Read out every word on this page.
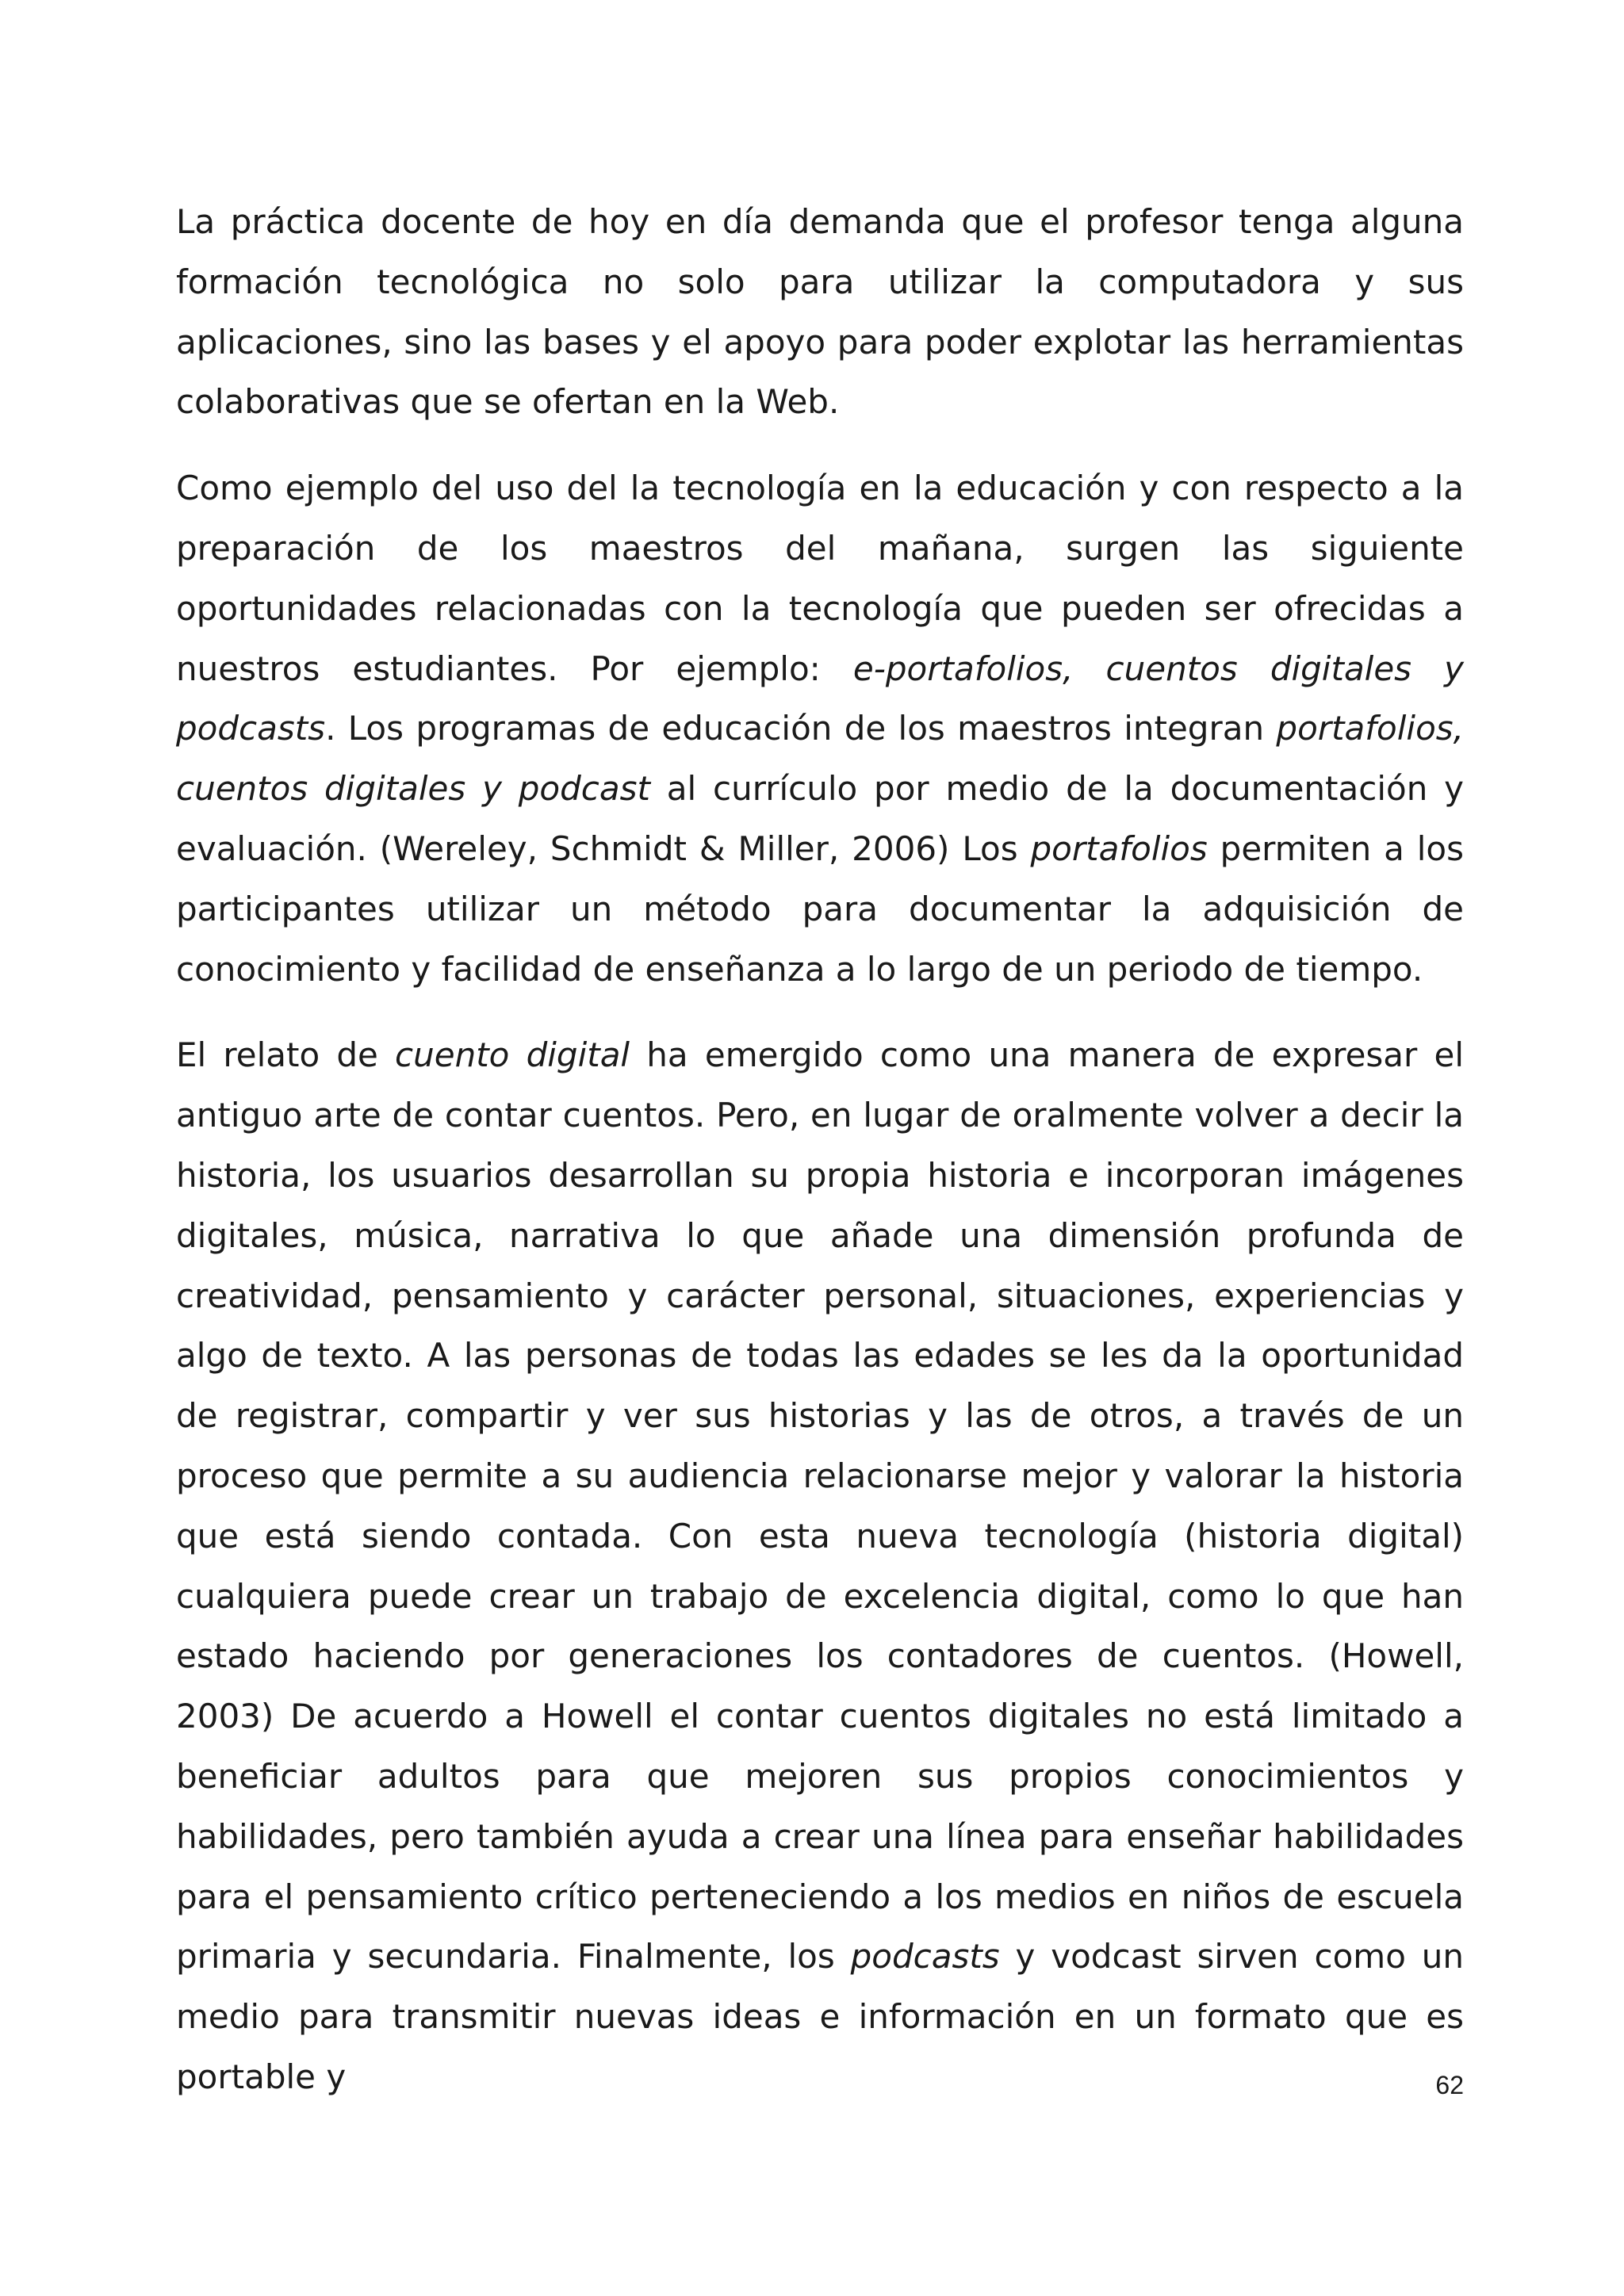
La práctica docente de hoy en día demanda que el profesor tenga alguna formación tecnológica no solo para utilizar la computadora y sus aplicaciones, sino las bases y el apoyo para poder explotar las herramientas colaborativas que se ofertan en la Web.

Como ejemplo del uso del la tecnología en la educación y con respecto a la preparación de los maestros del mañana, surgen las siguiente oportunidades relacionadas con la tecnología que pueden ser ofrecidas a nuestros estudiantes. Por ejemplo: e-portafolios, cuentos digitales y podcasts. Los programas de educación de los maestros integran portafolios, cuentos digitales y podcast al currículo por medio de la documentación y evaluación. (Wereley, Schmidt & Miller, 2006) Los portafolios permiten a los participantes utilizar un método para documentar la adquisición de conocimiento y facilidad de enseñanza a lo largo de un periodo de tiempo.

El relato de cuento digital ha emergido como una manera de expresar el antiguo arte de contar cuentos. Pero, en lugar de oralmente volver a decir la historia, los usuarios desarrollan su propia historia e incorporan imágenes digitales, música, narrativa lo que añade una dimensión profunda de creatividad, pensamiento y carácter personal, situaciones, experiencias y algo de texto. A las personas de todas las edades se les da la oportunidad de registrar, compartir y ver sus historias y las de otros, a través de un proceso que permite a su audiencia relacionarse mejor y valorar la historia que está siendo contada. Con esta nueva tecnología (historia digital) cualquiera puede crear un trabajo de excelencia digital, como lo que han estado haciendo por generaciones los contadores de cuentos. (Howell, 2003) De acuerdo a Howell el contar cuentos digitales no está limitado a beneficiar adultos para que mejoren sus propios conocimientos y habilidades, pero también ayuda a crear una línea para enseñar habilidades para el pensamiento crítico perteneciendo a los medios en niños de escuela primaria y secundaria. Finalmente, los podcasts y vodcast sirven como un medio para transmitir nuevas ideas e información en un formato que es portable y	62
